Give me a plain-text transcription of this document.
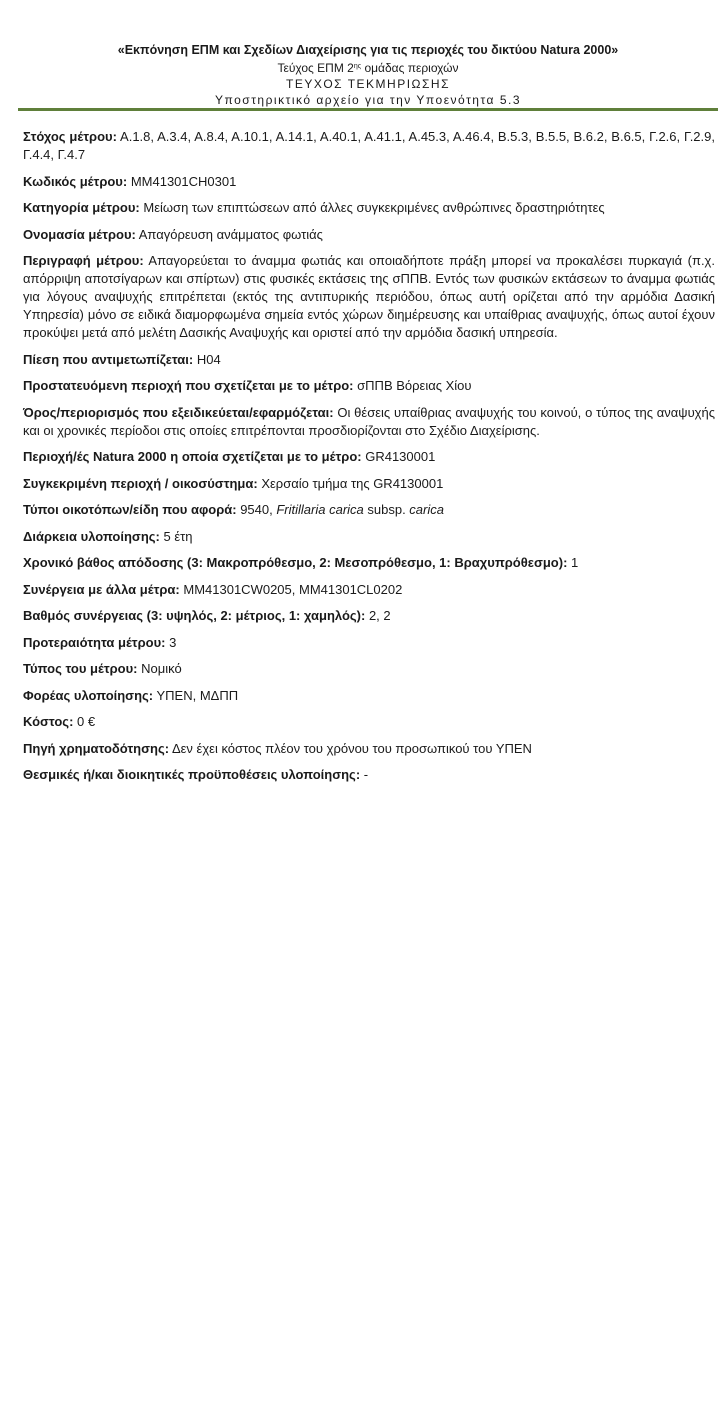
«Εκπόνηση ΕΠΜ και Σχεδίων Διαχείρισης για τις περιοχές του δικτύου Natura 2000»
Τεύχος ΕΠΜ $2^{\eta\varsigma}$ ομάδας περιοχών
ΤΕΥΧΟΣ ΤΕΚΜΗΡΙΩΣΗΣ
Υποστηρικτικό αρχείο για την Υποενότητα 5.3
Στόχος μέτρου: Α.1.8, Α.3.4, Α.8.4, Α.10.1, Α.14.1, Α.40.1, Α.41.1, Α.45.3, Α.46.4, Β.5.3, Β.5.5, Β.6.2, Β.6.5, Γ.2.6, Γ.2.9, Γ.4.4, Γ.4.7
Κωδικός μέτρου: MM41301CH0301
Κατηγορία μέτρου: Μείωση των επιπτώσεων από άλλες συγκεκριμένες ανθρώπινες δραστηριότητες
Ονομασία μέτρου: Απαγόρευση ανάμματος φωτιάς
Περιγραφή μέτρου: Απαγορεύεται το άναμμα φωτιάς και οποιαδήποτε πράξη μπορεί να προκαλέσει πυρκαγιά (π.χ. απόρριψη αποτσίγαρων και σπίρτων) στις φυσικές εκτάσεις της σΠΠΒ. Εντός των φυσικών εκτάσεων το άναμμα φωτιάς για λόγους αναψυχής επιτρέπεται (εκτός της αντιπυρικής περιόδου, όπως αυτή ορίζεται από την αρμόδια Δασική Υπηρεσία) μόνο σε ειδικά διαμορφωμένα σημεία εντός χώρων διημέρευσης και υπαίθριας αναψυχής, όπως αυτοί έχουν προκύψει μετά από μελέτη Δασικής Αναψυχής και οριστεί από την αρμόδια δασική υπηρεσία.
Πίεση που αντιμετωπίζεται: H04
Προστατευόμενη περιοχή που σχετίζεται με το μέτρο: σΠΠΒ Βόρειας Χίου
Όρος/περιορισμός που εξειδικεύεται/εφαρμόζεται: Οι θέσεις υπαίθριας αναψυχής του κοινού, ο τύπος της αναψυχής και οι χρονικές περίοδοι στις οποίες επιτρέπονται προσδιορίζονται στο Σχέδιο Διαχείρισης.
Περιοχή/ές Natura 2000 η οποία σχετίζεται με το μέτρο: GR4130001
Συγκεκριμένη περιοχή / οικοσύστημα: Χερσαίο τμήμα της GR4130001
Τύποι οικοτόπων/είδη που αφορά: 9540, Fritillaria carica subsp. carica
Διάρκεια υλοποίησης: 5 έτη
Χρονικό βάθος απόδοσης (3: Μακροπρόθεσμο, 2: Μεσοπρόθεσμο, 1: Βραχυπρόθεσμο): 1
Συνέργεια με άλλα μέτρα: MM41301CW0205, MM41301CL0202
Βαθμός συνέργειας (3: υψηλός, 2: μέτριος, 1: χαμηλός): 2, 2
Προτεραιότητα μέτρου: 3
Τύπος του μέτρου: Νομικό
Φορέας υλοποίησης: ΥΠΕΝ, ΜΔΠΠ
Κόστος: 0 €
Πηγή χρηματοδότησης: Δεν έχει κόστος πλέον του χρόνου του προσωπικού του ΥΠΕΝ
Θεσμικές ή/και διοικητικές προϋποθέσεις υλοποίησης: -
